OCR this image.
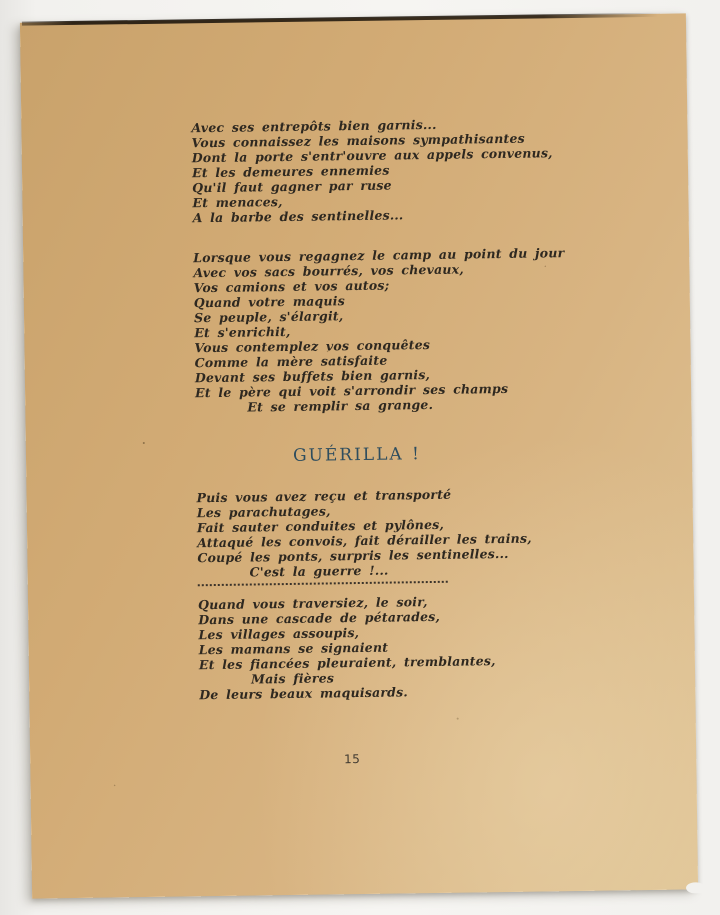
Avec ses entrepôts bien garnis...
Vous connaissez les maisons sympathisantes
Dont la porte s'entr'ouvre aux appels convenus,
Et les demeures ennemies
Qu'il faut gagner par ruse
Et menaces,
A la barbe des sentinelles...
Lorsque vous regagnez le camp au point du jour
Avec vos sacs bourrés, vos chevaux,
Vos camions et vos autos;
Quand votre maquis
Se peuple, s'élargit,
Et s'enrichit,
Vous contemplez vos conquêtes
Comme la mère satisfaite
Devant ses buffets bien garnis,
Et le père qui voit s'arrondir ses champs
Et se remplir sa grange.
GUÉRILLA !
Puis vous avez reçu et transporté
Les parachutages,
Fait sauter conduites et pylônes,
Attaqué les convois, fait dérailler les trains,
Coupé les ponts, surpris les sentinelles...
C'est la guerre !...
Quand vous traversiez, le soir,
Dans une cascade de pétarades,
Les villages assoupis,
Les mamans se signaient
Et les fiancées pleuraient, tremblantes,
Mais fières
De leurs beaux maquisards.
15
